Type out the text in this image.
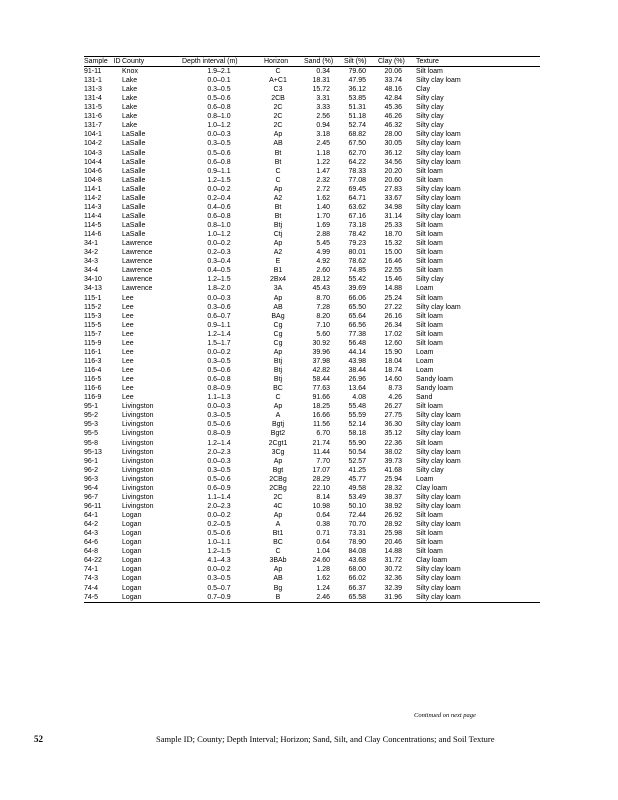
Sample ID	County	Depth interval (m)	Horizon	Sand (%)	Silt (%)	Clay (%)	Texture
91-11	Knox	1.9–2.1	C	0.34	79.60	20.06	Silt loam
131-1	Lake	0.0–0.1	A+C1	18.31	47.95	33.74	Silty clay loam
131-3	Lake	0.3–0.5	C3	15.72	36.12	48.16	Clay
131-4	Lake	0.5–0.6	2CB	3.31	53.85	42.84	Silty clay
131-5	Lake	0.6–0.8	2C	3.33	51.31	45.36	Silty clay
131-6	Lake	0.8–1.0	2C	2.56	51.18	46.26	Silty clay
131-7	Lake	1.0–1.2	2C	0.94	52.74	46.32	Silty clay
104-1	LaSalle	0.0–0.3	Ap	3.18	68.82	28.00	Silty clay loam
104-2	LaSalle	0.3–0.5	AB	2.45	67.50	30.05	Silty clay loam
104-3	LaSalle	0.5–0.6	Bt	1.18	62.70	36.12	Silty clay loam
104-4	LaSalle	0.6–0.8	Bt	1.22	64.22	34.56	Silty clay loam
104-6	LaSalle	0.9–1.1	C	1.47	78.33	20.20	Silt loam
104-8	LaSalle	1.2–1.5	C	2.32	77.08	20.60	Silt loam
114-1	LaSalle	0.0–0.2	Ap	2.72	69.45	27.83	Silty clay loam
114-2	LaSalle	0.2–0.4	A2	1.62	64.71	33.67	Silty clay loam
114-3	LaSalle	0.4–0.6	Bt	1.40	63.62	34.98	Silty clay loam
114-4	LaSalle	0.6–0.8	Bt	1.70	67.16	31.14	Silty clay loam
114-5	LaSalle	0.8–1.0	Btj	1.69	73.18	25.33	Silt loam
114-6	LaSalle	1.0–1.2	Ctj	2.88	78.42	18.70	Silt loam
34-1	Lawrence	0.0–0.2	Ap	5.45	79.23	15.32	Silt loam
34-2	Lawrence	0.2–0.3	A2	4.99	80.01	15.00	Silt loam
34-3	Lawrence	0.3–0.4	E	4.92	78.62	16.46	Silt loam
34-4	Lawrence	0.4–0.5	B1	2.60	74.85	22.55	Silt loam
34-10	Lawrence	1.2–1.5	2Bx4	28.12	55.42	15.46	Silty clay
34-13	Lawrence	1.8–2.0	3A	45.43	39.69	14.88	Loam
115-1	Lee	0.0–0.3	Ap	8.70	66.06	25.24	Silt loam
115-2	Lee	0.3–0.6	AB	7.28	65.50	27.22	Silty clay loam
115-3	Lee	0.6–0.7	BAg	8.20	65.64	26.16	Silt loam
115-5	Lee	0.9–1.1	Cg	7.10	66.56	26.34	Silt loam
115-7	Lee	1.2–1.4	Cg	5.60	77.38	17.02	Silt loam
115-9	Lee	1.5–1.7	Cg	30.92	56.48	12.60	Silt loam
116-1	Lee	0.0–0.2	Ap	39.96	44.14	15.90	Loam
116-3	Lee	0.3–0.5	Btj	37.98	43.98	18.04	Loam
116-4	Lee	0.5–0.6	Btj	42.82	38.44	18.74	Loam
116-5	Lee	0.6–0.8	Btj	58.44	26.96	14.60	Sandy loam
116-6	Lee	0.8–0.9	BC	77.63	13.64	8.73	Sandy loam
116-9	Lee	1.1–1.3	C	91.66	4.08	4.26	Sand
95-1	Livingston	0.0–0.3	Ap	18.25	55.48	26.27	Silt loam
95-2	Livingston	0.3–0.5	A	16.66	55.59	27.75	Silty clay loam
95-3	Livingston	0.5–0.6	Bgtj	11.56	52.14	36.30	Silty clay loam
95-5	Livingston	0.8–0.9	Bgt2	6.70	58.18	35.12	Silty clay loam
95-8	Livingston	1.2–1.4	2Cgt1	21.74	55.90	22.36	Silt loam
95-13	Livingston	2.0–2.3	3Cg	11.44	50.54	38.02	Silty clay loam
96-1	Livingston	0.0–0.3	Ap	7.70	52.57	39.73	Silty clay loam
96-2	Livingston	0.3–0.5	Bgt	17.07	41.25	41.68	Silty clay
96-3	Livingston	0.5–0.6	2CBg	28.29	45.77	25.94	Loam
96-4	Livingston	0.6–0.9	2CBg	22.10	49.58	28.32	Clay loam
96-7	Livingston	1.1–1.4	2C	8.14	53.49	38.37	Silty clay loam
96-11	Livingston	2.0–2.3	4C	10.98	50.10	38.92	Silty clay loam
64-1	Logan	0.0–0.2	Ap	0.64	72.44	26.92	Silt loam
64-2	Logan	0.2–0.5	A	0.38	70.70	28.92	Silty clay loam
64-3	Logan	0.5–0.6	Bt1	0.71	73.31	25.98	Silt loam
64-6	Logan	1.0–1.1	BC	0.64	78.90	20.46	Silt loam
64-8	Logan	1.2–1.5	C	1.04	84.08	14.88	Silt loam
64-22	Logan	4.1–4.3	3BAb	24.60	43.68	31.72	Clay loam
74-1	Logan	0.0–0.2	Ap	1.28	68.00	30.72	Silty clay loam
74-3	Logan	0.3–0.5	AB	1.62	66.02	32.36	Silty clay loam
74-4	Logan	0.5–0.7	Bg	1.24	66.37	32.39	Silty clay loam
74-5	Logan	0.7–0.9	B	2.46	65.58	31.96	Silty clay loam
Continued on next page
52	Sample ID; County; Depth Interval; Horizon; Sand, Silt, and Clay Concentrations; and Soil Texture
